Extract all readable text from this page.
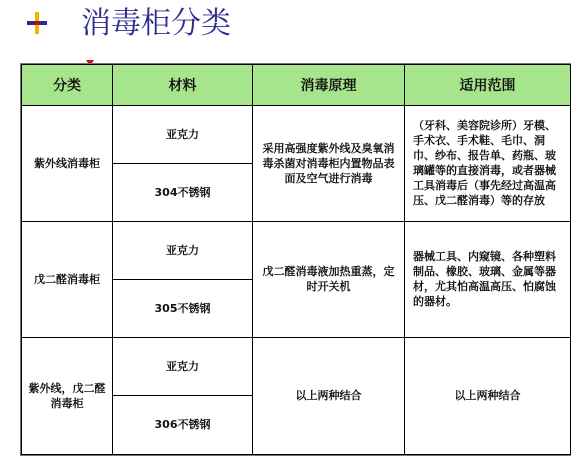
消毒柜分类
分类	材料	消毒原理	适用范围
紫外线消毒柜	亚克力	采用高强度紫外线及臭氧消毒杀菌对消毒柜内置物品表面及空气进行消毒	（牙科、美容院诊所）牙模、手术衣、手术鞋、毛巾、洞巾、纱布、报告单、药瓶、玻璃罐等的直接消毒，或者器械工具消毒后（事先经过高温高压、戊二醛消毒）等的存放
	304不锈钢		
戊二醛消毒柜	亚克力	戊二醛消毒液加热重蒸，定时开关机	器械工具、内窥镜、各种塑料制品、橡胶、玻璃、金属等器材，尤其怕高温高压、怕腐蚀的器材。
	305不锈钢		
紫外线，戊二醛消毒柜	亚克力	以上两种结合	以上两种结合
	306不锈钢		
